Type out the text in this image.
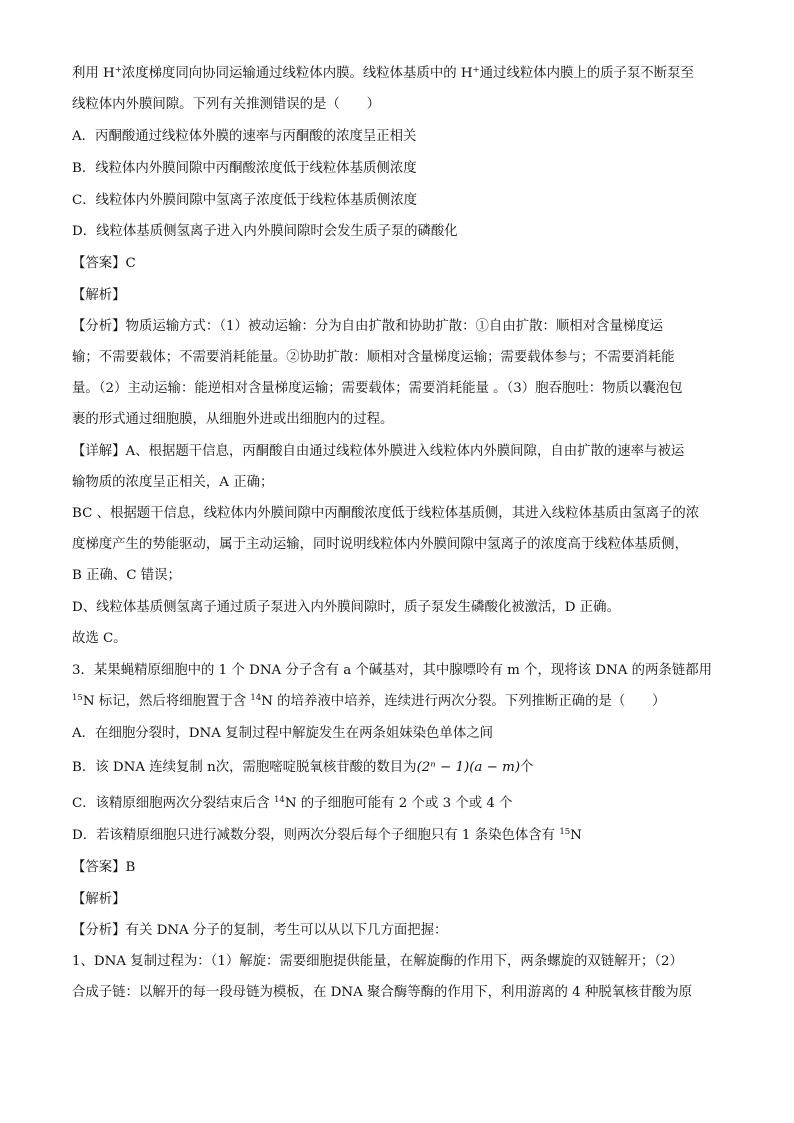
利用 H+浓度梯度同向协同运输通过线粒体内膜。线粒体基质中的 H+通过线粒体内膜上的质子泵不断泵至
线粒体内外膜间隙。下列有关推测错误的是（　　）
A．丙酮酸通过线粒体外膜的速率与丙酮酸的浓度呈正相关
B．线粒体内外膜间隙中丙酮酸浓度低于线粒体基质侧浓度
C．线粒体内外膜间隙中氢离子浓度低于线粒体基质侧浓度
D．线粒体基质侧氢离子进入内外膜间隙时会发生质子泵的磷酸化
【答案】C
【解析】
【分析】物质运输方式：（1）被动运输：分为自由扩散和协助扩散：①自由扩散：顺相对含量梯度运
输；不需要载体；不需要消耗能量。②协助扩散：顺相对含量梯度运输；需要载体参与；不需要消耗能
量。（2）主动运输：能逆相对含量梯度运输；需要载体；需要消耗能量 。（3）胞吞胞吐：物质以囊泡包
裹的形式通过细胞膜，从细胞外进或出细胞内的过程。
【详解】A、根据题干信息，丙酮酸自由通过线粒体外膜进入线粒体内外膜间隙，自由扩散的速率与被运
输物质的浓度呈正相关，A 正确；
BC 、根据题干信息，线粒体内外膜间隙中丙酮酸浓度低于线粒体基质侧，其进入线粒体基质由氢离子的浓
度梯度产生的势能驱动，属于主动运输，同时说明线粒体内外膜间隙中氢离子的浓度高于线粒体基质侧，
B 正确、C 错误；
D、线粒体基质侧氢离子通过质子泵进入内外膜间隙时，质子泵发生磷酸化被激活，D 正确。
故选 C。
3．某果蝇精原细胞中的 1 个 DNA 分子含有 a 个碱基对，其中腺嘌呤有 m 个，现将该 DNA 的两条链都用
$^{15}$N 标记，然后将细胞置于含 $^{14}$N 的培养液中培养，连续进行两次分裂。下列推断正确的是（　　）
A．在细胞分裂时，DNA 复制过程中解旋发生在两条姐妹染色单体之间
B．该 DNA 连续复制 n次，需胞嘧啶脱氧核苷酸的数目为(2ⁿ − 1)(a − m)个
C．该精原细胞两次分裂结束后含 $^{14}$N 的子细胞可能有 2 个或 3 个或 4 个
D．若该精原细胞只进行减数分裂，则两次分裂后每个子细胞只有 1 条染色体含有 $^{15}$N
【答案】B
【解析】
【分析】有关 DNA 分子的复制，考生可以从以下几方面把握：
1、DNA 复制过程为：（1）解旋：需要细胞提供能量，在解旋酶的作用下，两条螺旋的双链解开；（2）
合成子链：以解开的每一段母链为模板，在 DNA 聚合酶等酶的作用下，利用游离的 4 种脱氧核苷酸为原
